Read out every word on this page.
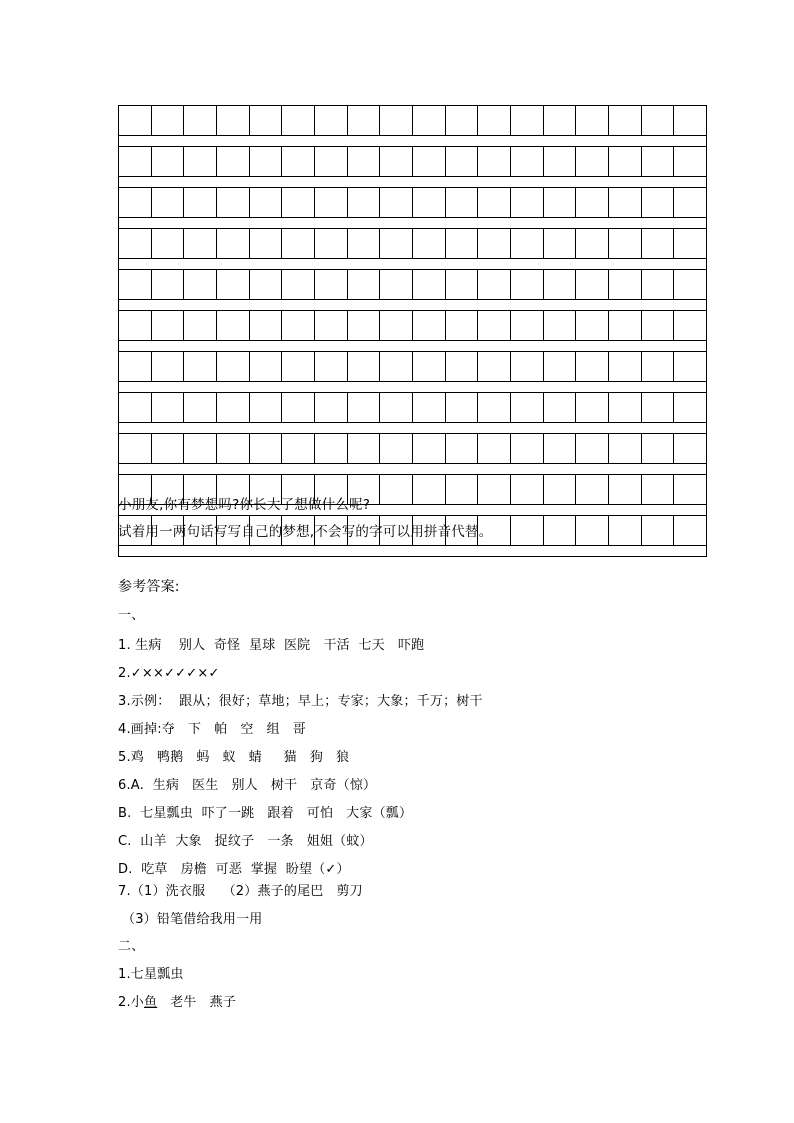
小朋友,你有梦想吗?你长大了想做什么呢?
试着用一两句话写写自己的梦想,不会写的字可以用拼音代替。
参考答案:
一、
1. 生病    别人  奇怪  星球  医院   干活  七天   吓跑
2.✓××✓✓✓×✓
3.示例：  跟从；很好；草地；早上；专家；大象；千万；树干
4.画掉:夺   下   帕   空   组   哥
5.鸡   鸭鹅   蚂   蚁   蜻     猫   狗   狼
6.A.  生病   医生   别人   树干   京奇（惊）
B.  七星瓢虫  吓了一跳   跟着   可怕   大家（瓢）
C.  山羊  大象   捉纹子   一条   姐姐（蚊）
D.  吃草   房檐  可恶  掌握  盼望（✓）
7.（1）洗衣服    （2）燕子的尾巴   剪刀
（3）铅笔借给我用一用
二、
1.七星瓢虫
2.小鱼   老牛   燕子
